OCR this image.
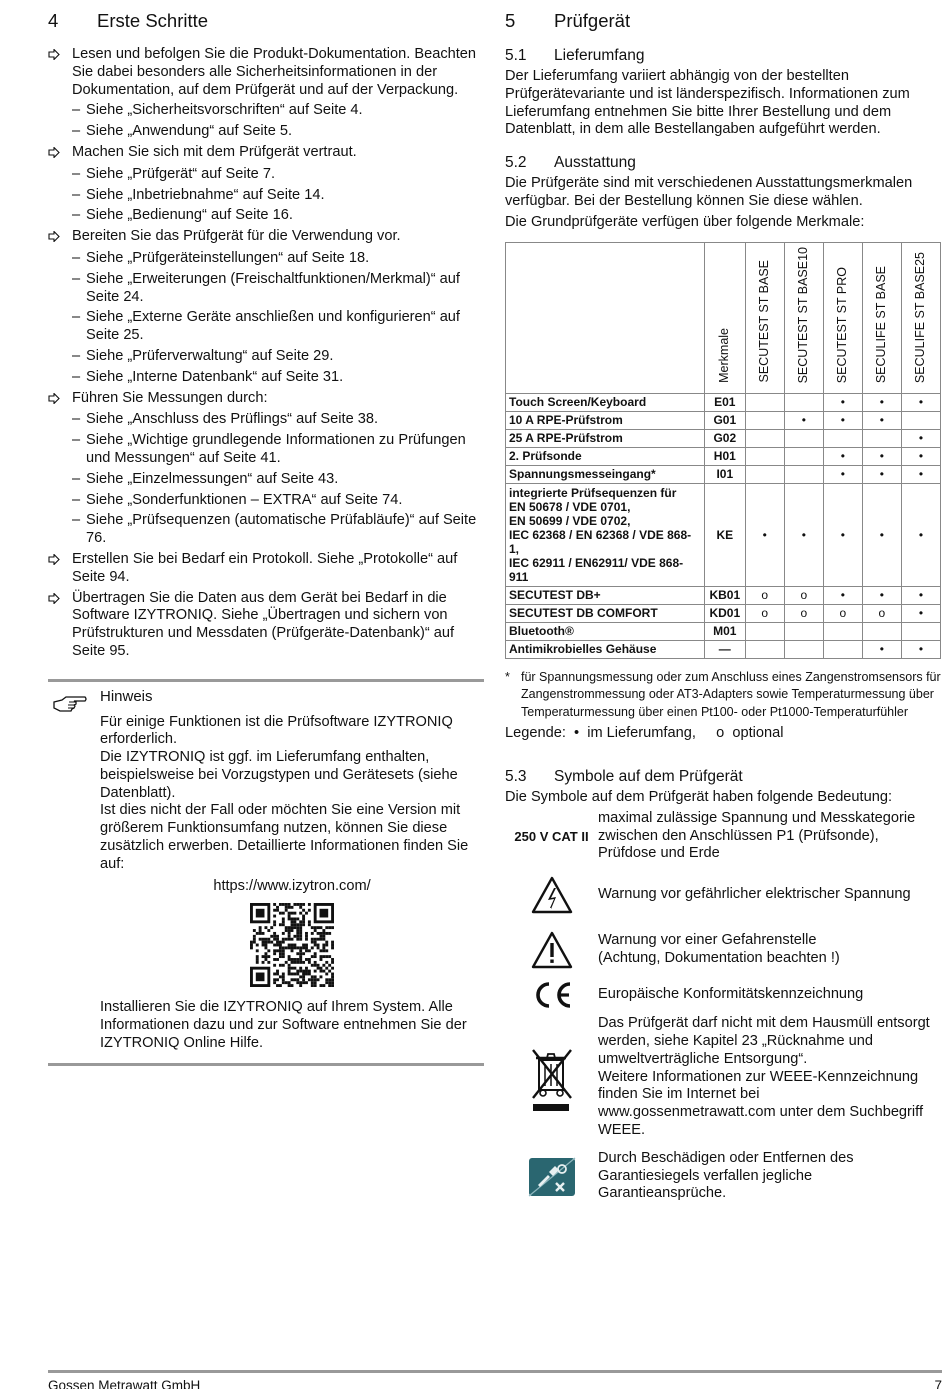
4	Erste Schritte
Lesen und befolgen Sie die Produkt-Dokumentation. Beachten Sie dabei besonders alle Sicherheitsinformationen in der Dokumentation, auf dem Prüfgerät und auf der Verpackung.
– Siehe „Sicherheitsvorschriften“ auf Seite 4.
– Siehe „Anwendung“ auf Seite 5.
Machen Sie sich mit dem Prüfgerät vertraut.
– Siehe „Prüfgerät“ auf Seite 7.
– Siehe „Inbetriebnahme“ auf Seite 14.
– Siehe „Bedienung“ auf Seite 16.
Bereiten Sie das Prüfgerät für die Verwendung vor.
– Siehe „Prüfgeräteinstellungen“ auf Seite 18.
– Siehe „Erweiterungen (Freischaltfunktionen/Merkmal)“ auf Seite 24.
– Siehe „Externe Geräte anschließen und konfigurieren“ auf Seite 25.
– Siehe „Prüferverwaltung“ auf Seite 29.
– Siehe „Interne Datenbank“ auf Seite 31.
Führen Sie Messungen durch:
– Siehe „Anschluss des Prüflings“ auf Seite 38.
– Siehe „Wichtige grundlegende Informationen zu Prüfungen und Messungen“ auf Seite 41.
– Siehe „Einzelmessungen“ auf Seite 43.
– Siehe „Sonderfunktionen – EXTRA“ auf Seite 74.
– Siehe „Prüfsequenzen (automatische Prüfabläufe)“ auf Seite 76.
Erstellen Sie bei Bedarf ein Protokoll. Siehe „Protokolle“ auf Seite 94.
Übertragen Sie die Daten aus dem Gerät bei Bedarf in die Software IZYTRONIQ. Siehe „Übertragen und sichern von Prüfstrukturen und Messdaten (Prüfgeräte-Datenbank)“ auf Seite 95.
Hinweis
Für einige Funktionen ist die Prüfsoftware IZYTRONIQ erforderlich.
Die IZYTRONIQ ist ggf. im Lieferumfang enthalten, beispielsweise bei Vorzugstypen und Gerätesets (siehe Datenblatt).
Ist dies nicht der Fall oder möchten Sie eine Version mit größerem Funktionsumfang nutzen, können Sie diese zusätzlich erwerben. Detaillierte Informationen finden Sie auf:
https://www.izytron.com/
Installieren Sie die IZYTRONIQ auf Ihrem System. Alle Informationen dazu und zur Software entnehmen Sie der IZYTRONIQ Online Hilfe.
5	Prüfgerät
5.1	Lieferumfang
Der Lieferumfang variiert abhängig von der bestellten Prüfgerätevariante und ist länderspezifisch. Informationen zum Lieferumfang entnehmen Sie bitte Ihrer Bestellung und dem Datenblatt, in dem alle Bestellangaben aufgeführt werden.
5.2	Ausstattung
Die Prüfgeräte sind mit verschiedenen Ausstattungsmerkmalen verfügbar. Bei der Bestellung können Sie diese wählen.
Die Grundprüfgeräte verfügen über folgende Merkmale:
	Merkmale	SECUTEST ST BASE	SECUTEST ST BASE10	SECUTEST ST PRO	SECULIFE ST BASE	SECULIFE ST BASE25
Touch Screen/Keyboard	E01			•	•	•
10 A RPE-Prüfstrom	G01		•	•	•	
25 A RPE-Prüfstrom	G02					•
2. Prüfsonde	H01			•	•	•
Spannungsmesseingang*	I01			•	•	•
integrierte Prüfsequenzen für
EN 50678 / VDE 0701,
EN 50699 / VDE 0702,
IEC 62368 / EN 62368 / VDE 868-1,
IEC 62911 / EN62911/ VDE 868-911	KE	•	•	•	•	•
SECUTEST DB+	KB01	o	o	•	•	•
SECUTEST DB COMFORT	KD01	o	o	o	o	•
Bluetooth®	M01					
Antimikrobielles Gehäuse	—				•	•
* für Spannungsmessung oder zum Anschluss eines Zangenstromsensors für Zangenstrommessung oder AT3-Adapters sowie Temperaturmessung über Temperaturmessung über einen Pt100- oder Pt1000-Temperaturfühler
Legende:  •  im Lieferumfang,     o  optional
5.3	Symbole auf dem Prüfgerät
Die Symbole auf dem Prüfgerät haben folgende Bedeutung:
250 V CAT II
maximal zulässige Spannung und Messkategorie zwischen den Anschlüssen P1 (Prüfsonde), Prüfdose und Erde
Warnung vor gefährlicher elektrischer Spannung
Warnung vor einer Gefahrenstelle
(Achtung, Dokumentation beachten !)
Europäische Konformitätskennzeichnung
Das Prüfgerät darf nicht mit dem Hausmüll entsorgt werden, siehe Kapitel 23 „Rücknahme und umweltverträgliche Entsorgung“.
Weitere Informationen zur WEEE-Kennzeichnung finden Sie im Internet bei www.gossenmetrawatt.com unter dem Suchbegriff WEEE.
Durch Beschädigen oder Entfernen des Garantiesiegels verfallen jegliche Garantieansprüche.
Gossen Metrawatt GmbH	7
